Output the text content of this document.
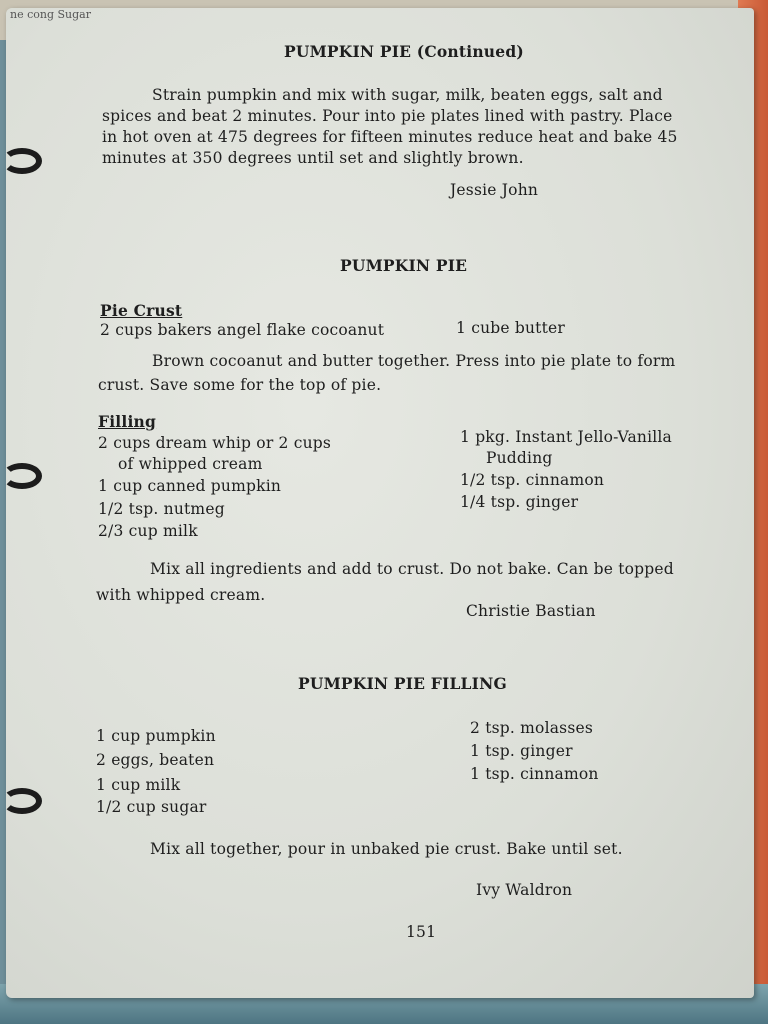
ne cong Sugar
PUMPKIN PIE (Continued)
Strain pumpkin and mix with sugar, milk, beaten eggs, salt and
spices and beat 2 minutes. Pour into pie plates lined with pastry. Place
in hot oven at 475 degrees for fifteen minutes reduce heat and bake 45
minutes at 350 degrees until set and slightly brown.
Jessie John
PUMPKIN PIE
Pie Crust
2 cups bakers angel flake cocoanut	1 cube butter
Brown cocoanut and butter together. Press into pie plate to form
crust. Save some for the top of pie.
Filling
2 cups dream whip or 2 cups
of whipped cream
1 cup canned pumpkin
1/2 tsp. nutmeg
2/3 cup milk
1 pkg. Instant Jello-Vanilla
Pudding
1/2 tsp. cinnamon
1/4 tsp. ginger
Mix all ingredients and add to crust. Do not bake. Can be topped
with whipped cream.
Christie Bastian
PUMPKIN PIE FILLING
1 cup pumpkin
2 eggs, beaten
1 cup milk
1/2 cup sugar
2 tsp. molasses
1 tsp. ginger
1 tsp. cinnamon
Mix all together, pour in unbaked pie crust. Bake until set.
Ivy Waldron
151
